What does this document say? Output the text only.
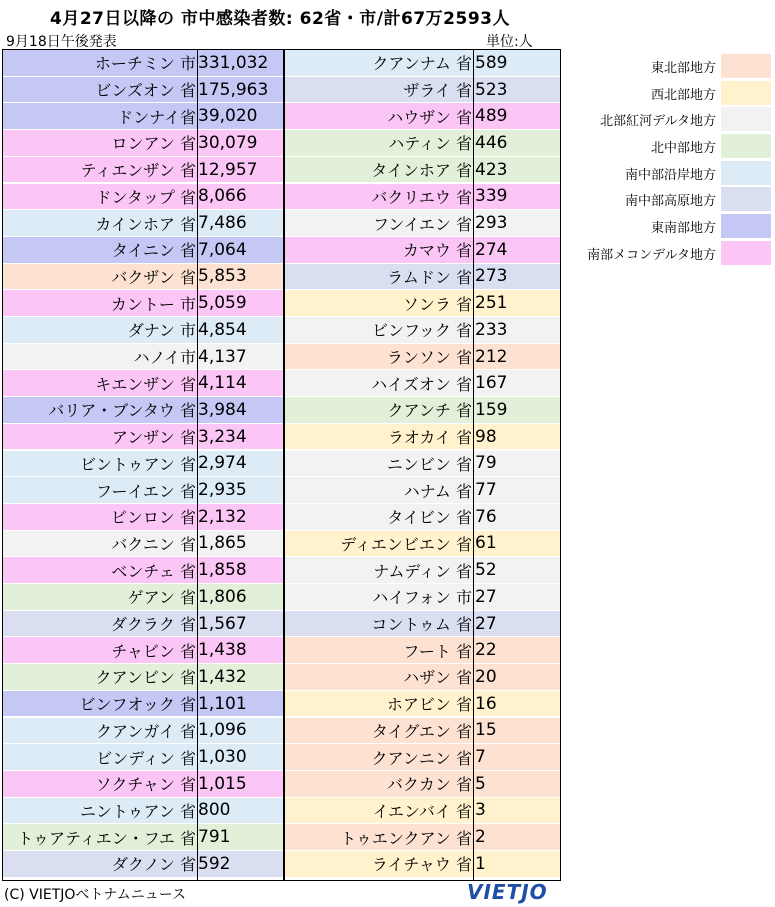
4月27日以降の 市中感染者数: 62省・市/計67万2593人
9月18日午後発表	単位:人
ホーチミン 市 331,032
ビンズオン 省 175,963
ドンナイ省 39,020
ロンアン 省 30,079
ティエンザン 省 12,957
ドンタップ 省 8,066
カインホア 省 7,486
タイニン 省 7,064
バクザン 省 5,853
カントー 市 5,059
ダナン 市 4,854
ハノイ市 4,137
キエンザン 省 4,114
バリア・ブンタウ 省 3,984
アンザン 省 3,234
ビントゥアン 省 2,974
フーイエン 省 2,935
ビンロン 省 2,132
バクニン 省 1,865
ベンチェ 省 1,858
ゲアン 省 1,806
ダクラク 省 1,567
チャビン 省 1,438
クアンビン 省 1,432
ビンフオック 省 1,101
クアンガイ 省 1,096
ビンディン 省 1,030
ソクチャン 省 1,015
ニントゥアン 省 800
トゥアティエン・フエ 省 791
ダクノン 省 592
クアンナム 省 589
ザライ 省 523
ハウザン 省 489
ハティン 省 446
タインホア 省 423
バクリエウ 省 339
フンイエン 省 293
カマウ 省 274
ラムドン 省 273
ソンラ 省 251
ビンフック 省 233
ランソン 省 212
ハイズオン 省 167
クアンチ 省 159
ラオカイ 省 98
ニンビン 省 79
ハナム 省 77
タイビン 省 76
ディエンビエン 省 61
ナムディン 省 52
ハイフォン 市 27
コントゥム 省 27
フート 省 22
ハザン 省 20
ホアビン 省 16
タイグエン 省 15
クアンニン 省 7
バクカン 省 5
イエンバイ 省 3
トゥエンクアン 省 2
ライチャウ 省 1
東北部地方
西北部地方
北部紅河デルタ地方
北中部地方
南中部沿岸地方
南中部高原地方
東南部地方
南部メコンデルタ地方
(C) VIETJOベトナムニュース	VIETJO
